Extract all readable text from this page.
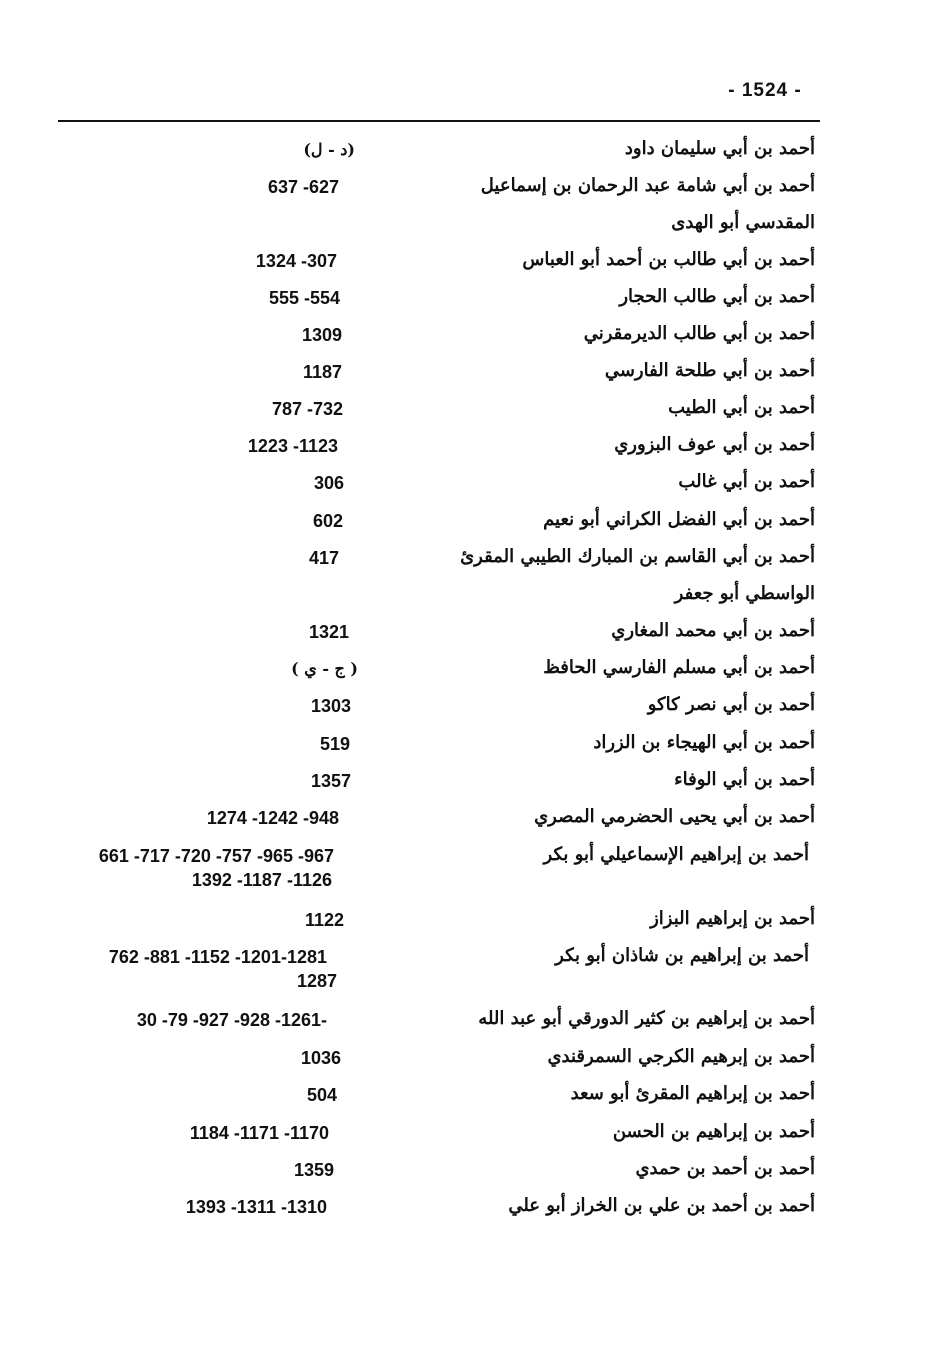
- 1524 -
أحمد بن أبي سليمان داود
(د - ل)
أحمد بن أبي شامة عبد الرحمان بن إسماعيل
637 -627
المقدسي أبو الهدى
أحمد بن أبي طالب بن أحمد أبو العباس
1324 -307
أحمد بن أبي طالب الحجار
555 -554
أحمد بن أبي طالب الديرمقرني
1309
أحمد بن أبي طلحة الفارسي
1187
أحمد بن أبي الطيب
787 -732
أحمد بن أبي عوف البزوري
1223 -1123
أحمد بن أبي غالب
306
أحمد بن أبي الفضل الكراني أبو نعيم
602
أحمد بن أبي القاسم بن المبارك الطيبي المقرئ
417
الواسطي أبو جعفر
أحمد بن أبي محمد المغاري
1321
أحمد بن أبي مسلم الفارسي الحافظ
( ج - ي )
أحمد بن أبي نصر كاكو
1303
أحمد بن أبي الهيجاء بن الزراد
519
أحمد بن أبي الوفاء
1357
أحمد بن أبي يحيى الحضرمي المصري
1274 -1242 -948
أحمد بن إبراهيم الإسماعيلي أبو بكر
661 -717 -720 -757 -965 -967
1392 -1187 -1126
أحمد بن إبراهيم البزاز
1122
أحمد بن إبراهيم بن شاذان أبو بكر
762 -881 -1152 -1201-1281
1287
أحمد بن إبراهيم بن كثير الدورقي أبو عبد الله
30 -79 -927 -928 -1261-
أحمد بن إبرهيم الكرجي السمرقندي
1036
أحمد بن إبراهيم المقرئ أبو سعد
504
أحمد بن إبراهيم بن الحسن
1184 -1171 -1170
أحمد بن أحمد بن حمدي
1359
أحمد بن أحمد بن علي بن الخراز أبو علي
1393 -1311 -1310
